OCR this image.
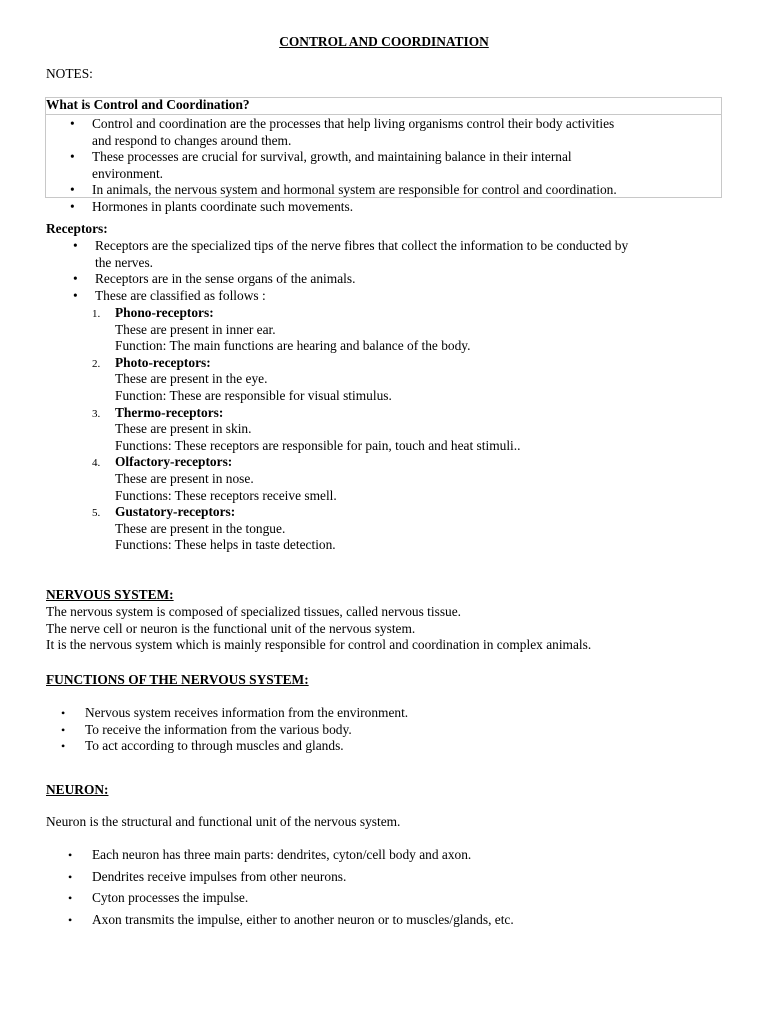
CONTROL AND COORDINATION
NOTES:
What is Control and Coordination?
• Control and coordination are the processes that help living organisms control their body activities
and respond to changes around them.
• These processes are crucial for survival, growth, and maintaining balance in their internal
environment.
• In animals, the nervous system and hormonal system are responsible for control and coordination.
• Hormones in plants coordinate such movements.
Receptors:
• Receptors are the specialized tips of the nerve fibres that collect the information to be conducted by
the nerves.
• Receptors are in the sense organs of the animals.
• These are classified as follows :
1. Phono-receptors:
These are present in inner ear.
Function: The main functions are hearing and balance of the body.
2. Photo-receptors:
These are present in the eye.
Function: These are responsible for visual stimulus.
3. Thermo-receptors:
These are present in skin.
Functions: These receptors are responsible for pain, touch and heat stimuli..
4. Olfactory-receptors:
These are present in nose.
Functions: These receptors receive smell.
5. Gustatory-receptors:
These are present in the tongue.
Functions: These helps in taste detection.
NERVOUS SYSTEM:
The nervous system is composed of specialized tissues, called nervous tissue.
The nerve cell or neuron is the functional unit of the nervous system.
It is the nervous system which is mainly responsible for control and coordination in complex animals.
FUNCTIONS OF THE NERVOUS SYSTEM:
• Nervous system receives information from the environment.
• To receive the information from the various body.
• To act according to through muscles and glands.
NEURON:
Neuron is the structural and functional unit of the nervous system.
• Each neuron has three main parts: dendrites, cyton/cell body and axon.
• Dendrites receive impulses from other neurons.
• Cyton processes the impulse.
• Axon transmits the impulse, either to another neuron or to muscles/glands, etc.
